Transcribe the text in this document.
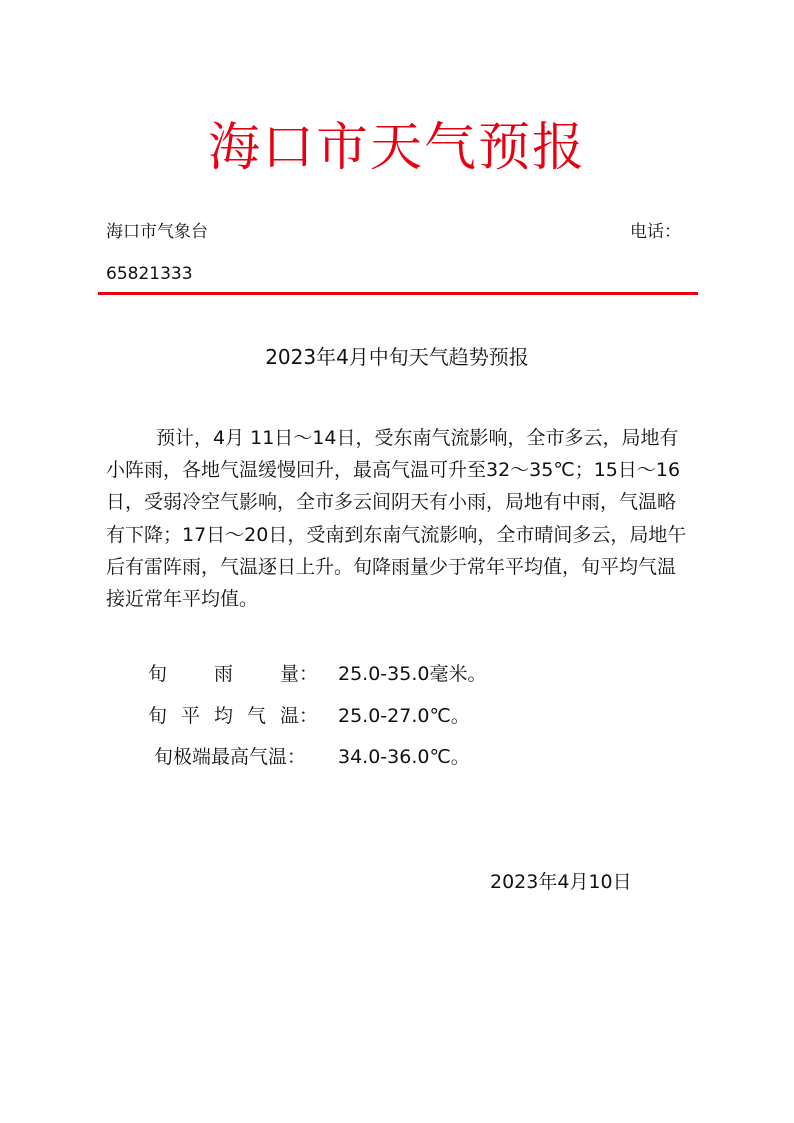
海口市天气预报
海口市气象台	电话：
65821333
2023年4月中旬天气趋势预报

预计，4月 11日～14日，受东南气流影响，全市多云，局地有小阵雨，各地气温缓慢回升，最高气温可升至32～35℃；15日～16日，受弱冷空气影响，全市多云间阴天有小雨，局地有中雨，气温略有下降；17日～20日，受南到东南气流影响，全市晴间多云，局地午后有雷阵雨，气温逐日上升。旬降雨量少于常年平均值，旬平均气温接近常年平均值。

旬 雨 量： 25.0-35.0毫米。
旬 平 均 气 温： 25.0-27.0℃。
旬极端最高气温：	34.0-36.0℃。
2023年4月10日
